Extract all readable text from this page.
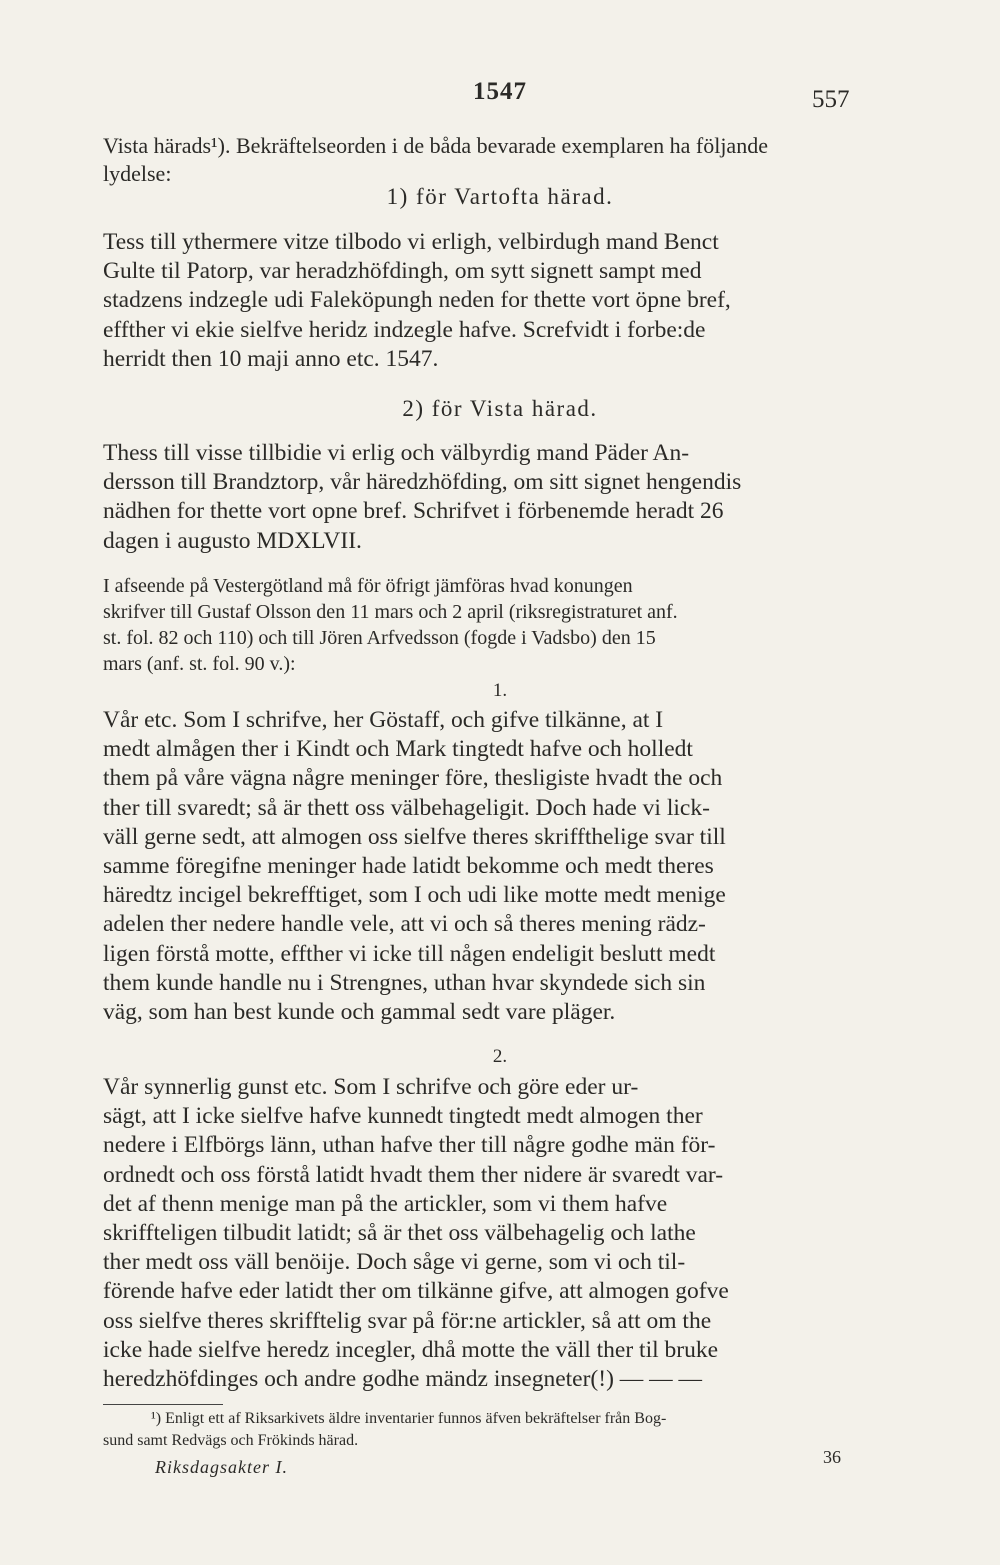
1547	557
Vista härads¹). Bekräftelseorden i de båda bevarade exemplaren ha följande
lydelse:
1) för Vartofta härad.
Tess till ythermere vitze tilbodo vi erligh, velbirdugh mand Benct
Gulte til Patorp, var heradzhöfdingh, om sytt signett sampt med
stadzens indzegle udi Faleköpungh neden for thette vort öpne bref,
effther vi ekie sielfve heridz indzegle hafve. Screfvidt i forbe:de
herridt then 10 maji anno etc. 1547.
2) för Vista härad.
Thess till visse tillbidie vi erlig och välbyrdig mand Päder An-
dersson till Brandztorp, vår häredzhöfding, om sitt signet hengendis
nädhen for thette vort opne bref. Schrifvet i förbenemde heradt 26
dagen i augusto MDXLVII.
I afseende på Vestergötland må för öfrigt jämföras hvad konungen
skrifver till Gustaf Olsson den 11 mars och 2 april (riksregistraturet anf.
st. fol. 82 och 110) och till Jören Arfvedsson (fogde i Vadsbo) den 15
mars (anf. st. fol. 90 v.):
1.
Vår etc. Som I schrifve, her Göstaff, och gifve tilkänne, at I
medt almågen ther i Kindt och Mark tingtedt hafve och holledt
them på våre vägna någre meninger före, thesligiste hvadt the och
ther till svaredt; så är thett oss välbehageligit. Doch hade vi lick-
väll gerne sedt, att almogen oss sielfve theres skriffthelige svar till
samme föregifne meninger hade latidt bekomme och medt theres
häredtz incigel bekrefftiget, som I och udi like motte medt menige
adelen ther nedere handle vele, att vi och så theres mening rädz-
ligen förstå motte, effther vi icke till någen endeligit beslutt medt
them kunde handle nu i Strengnes, uthan hvar skyndede sich sin
väg, som han best kunde och gammal sedt vare pläger.
2.
Vår synnerlig gunst etc. Som I schrifve och göre eder ur-
sägt, att I icke sielfve hafve kunnedt tingtedt medt almogen ther
nedere i Elfbörgs länn, uthan hafve ther till någre godhe män för-
ordnedt och oss förstå latidt hvadt them ther nidere är svaredt var-
det af thenn menige man på the artickler, som vi them hafve
skriffteligen tilbudit latidt; så är thet oss välbehagelig och lathe
ther medt oss väll benöije. Doch såge vi gerne, som vi och til-
förende hafve eder latidt ther om tilkänne gifve, att almogen gofve
oss sielfve theres skrifftelig svar på för:ne artickler, så att om the
icke hade sielfve heredz incegler, dhå motte the väll ther til bruke
heredzhöfdinges och andre godhe mändz insegneter(!) — — —
¹) Enligt ett af Riksarkivets äldre inventarier funnos äfven bekräftelser från Bog-
sund samt Redvägs och Frökinds härad.
Riksdagsakter I.	36
